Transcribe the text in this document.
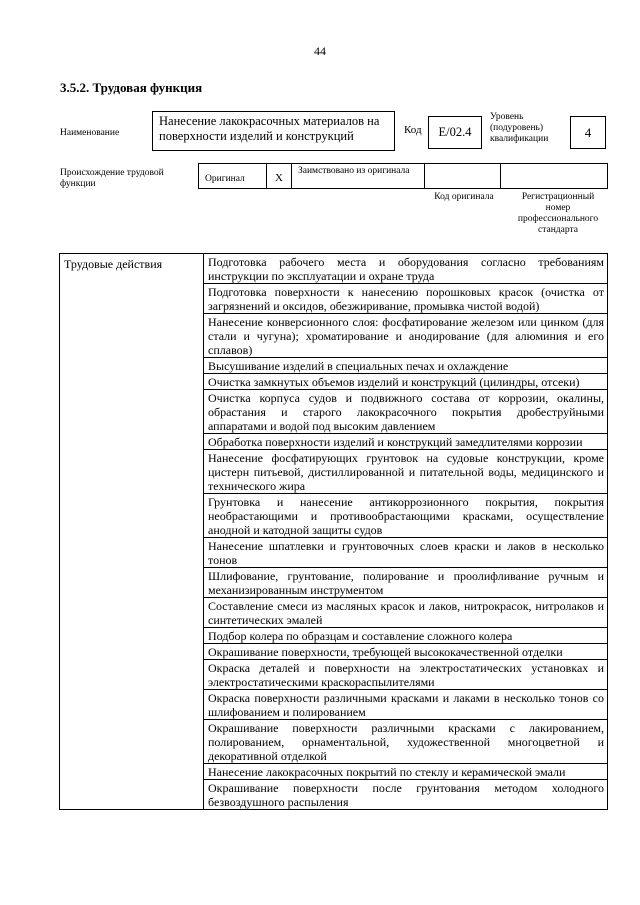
44
3.5.2. Трудовая функция
Наименование
Нанесение лакокрасочных материалов на поверхности изделий и конструкций	Код	E/02.4
Уровень (подуровень) квалификации	4
Происхождение трудовой функции	Оригинал	X
Заимствовано из оригинала
Код оригинала	Регистрационный номер профессионального стандарта
Трудовые действия	Подготовка рабочего места и оборудования согласно требованиям инструкции по эксплуатации и охране труда
Подготовка поверхности к нанесению порошковых красок (очистка от загрязнений и оксидов, обезжиривание, промывка чистой водой)
Нанесение конверсионного слоя: фосфатирование железом или цинком (для стали и чугуна); хроматирование и анодирование (для алюминия и его сплавов)
Высушивание изделий в специальных печах и охлаждение
Очистка замкнутых объемов изделий и конструкций (цилиндры, отсеки)
Очистка корпуса судов и подвижного состава от коррозии, окалины, обрастания и старого лакокрасочного покрытия дробеструйными аппаратами и водой под высоким давлением
Обработка поверхности изделий и конструкций замедлителями коррозии
Нанесение фосфатирующих грунтовок на судовые конструкции, кроме цистерн питьевой, дистиллированной и питательной воды, медицинского и технического жира
Грунтовка и нанесение антикоррозионного покрытия, покрытия необрастающими и противообрастающими красками, осуществление анодной и катодной защиты судов
Нанесение шпатлевки и грунтовочных слоев краски и лаков в несколько тонов
Шлифование, грунтование, полирование и проолифливание ручным и механизированным инструментом
Составление смеси из масляных красок и лаков, нитрокрасок, нитролаков и синтетических эмалей
Подбор колера по образцам и составление сложного колера
Окрашивание поверхности, требующей высококачественной отделки
Окраска деталей и поверхности на электростатических установках и электростатическими краскораспылителями
Окраска поверхности различными красками и лаками в несколько тонов со шлифованием и полированием
Окрашивание поверхности различными красками с лакированием, полированием, орнаментальной, художественной многоцветной и декоративной отделкой
Нанесение лакокрасочных покрытий по стеклу и керамической эмали
Окрашивание поверхности после грунтования методом холодного безвоздушного распыления
